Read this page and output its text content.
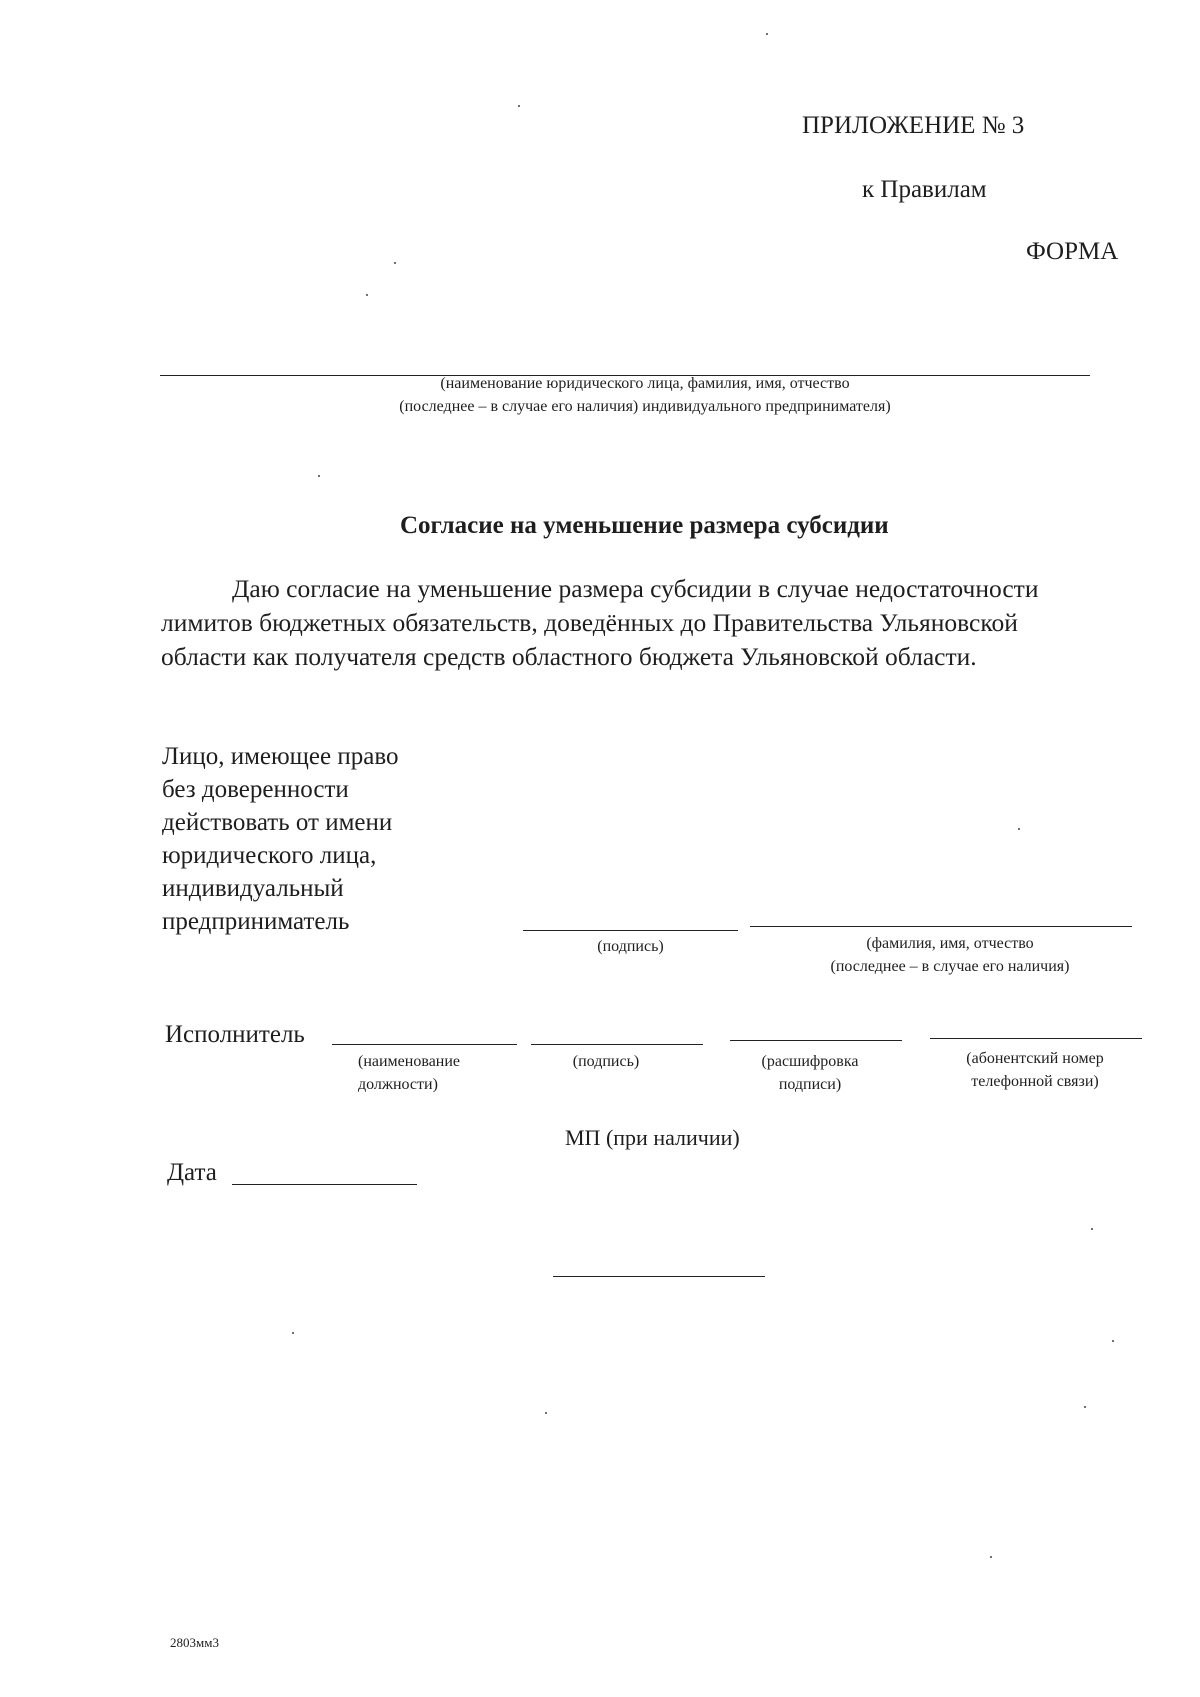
ПРИЛОЖЕНИЕ № 3
к Правилам
ФОРМА
(наименование юридического лица, фамилия, имя, отчество
(последнее – в случае его наличия) индивидуального предпринимателя)
Согласие на уменьшение размера субсидии
Даю согласие на уменьшение размера субсидии в случае недостаточности
лимитов бюджетных обязательств, доведённых до Правительства Ульяновской
области как получателя средств областного бюджета Ульяновской области.
Лицо, имеющее право
без доверенности
действовать от имени
юридического лица,
индивидуальный
предприниматель
(подпись)	(фамилия, имя, отчество
(последнее – в случае его наличия)
Исполнитель
(наименование
должности)
(подпись)	(расшифровка
подписи)
(абонентский номер
телефонной связи)
МП (при наличии)
Дата
2803мм3
